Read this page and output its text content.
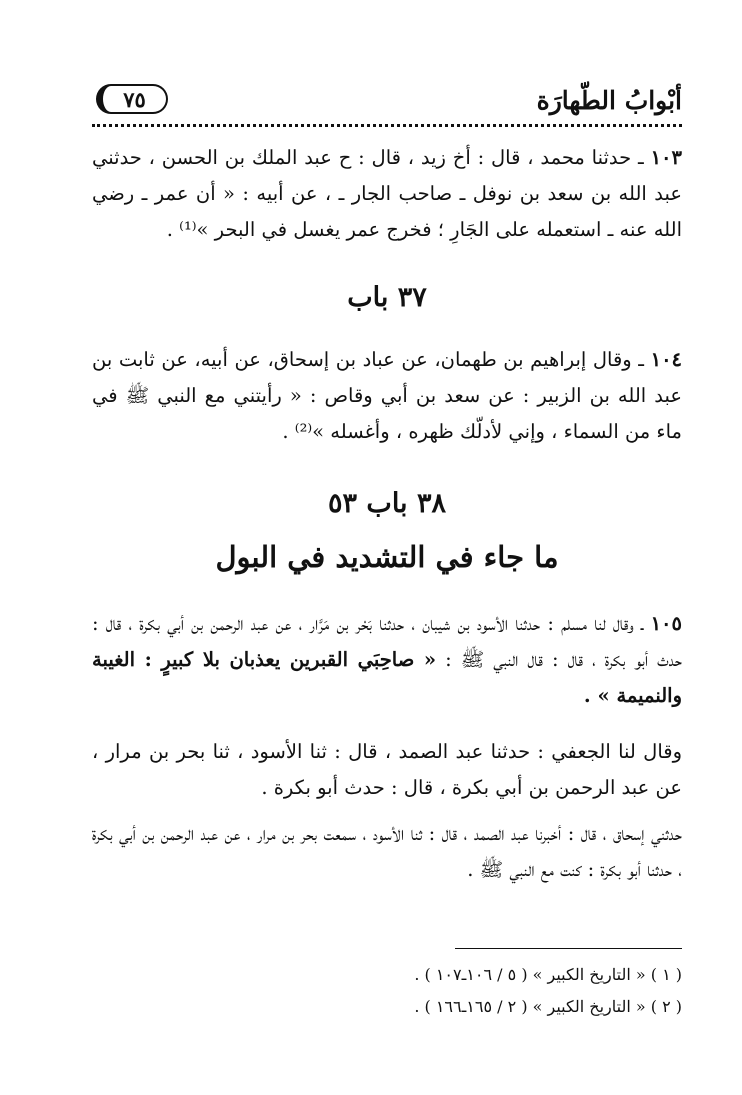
أبْوابُ الطّهارَة
٧٥
١٠٣ ـ حدثنا محمد ، قال : أخ زيد ، قال : ح عبد الملك بن الحسن ، حدثني عبد الله بن سعد بن نوفل ـ صاحب الجار ـ ، عن أبيه : « أن عمر ـ رضي الله عنه ـ استعمله على الجَارِ ؛ فخرج عمر يغسل في البحر »⁽¹⁾ .
٣٧ باب
١٠٤ ـ وقال إبراهيم بن طهمان، عن عباد بن إسحاق، عن أبيه، عن ثابت بن عبد الله بن الزبير : عن سعد بن أبي وقاص : « رأيتني مع النبي ﷺ في ماء من السماء ، وإني لأدلّك ظهره ، وأغسله »⁽²⁾ .
٣٨ باب ٥٣
ما جاء في التشديد في البول
١٠٥ ـ وقال لنا مسلم : حدثنا الأسود بن شيبان ، حدثنا بَحْر بن مَرَّار ، عن عبد الرحمن بن أبي بكرة ، قال : حدث أبو بكرة ، قال : قال النبي ﷺ : « صاحِبَي القبرين يعذبان بلا كبيرٍ : الغيبة والنميمة » .
وقال لنا الجعفي : حدثنا عبد الصمد ، قال : ثنا الأسود ، ثنا بحر بن مرار ، عن عبد الرحمن بن أبي بكرة ، قال : حدث أبو بكرة .
حدثني إسحاق ، قال : أخبرنا عبد الصمد ، قال : ثنا الأسود ، سمعت بحر بن مرار ، عن عبد الرحمن بن أبي بكرة ، حدثنا أبو بكرة : كنت مع النبي ﷺ .
( ١ ) « التاريخ الكبير » ( ٥ / ١٠٦ـ١٠٧ ) .
( ٢ ) « التاريخ الكبير » ( ٢ / ١٦٥ـ١٦٦ ) .
